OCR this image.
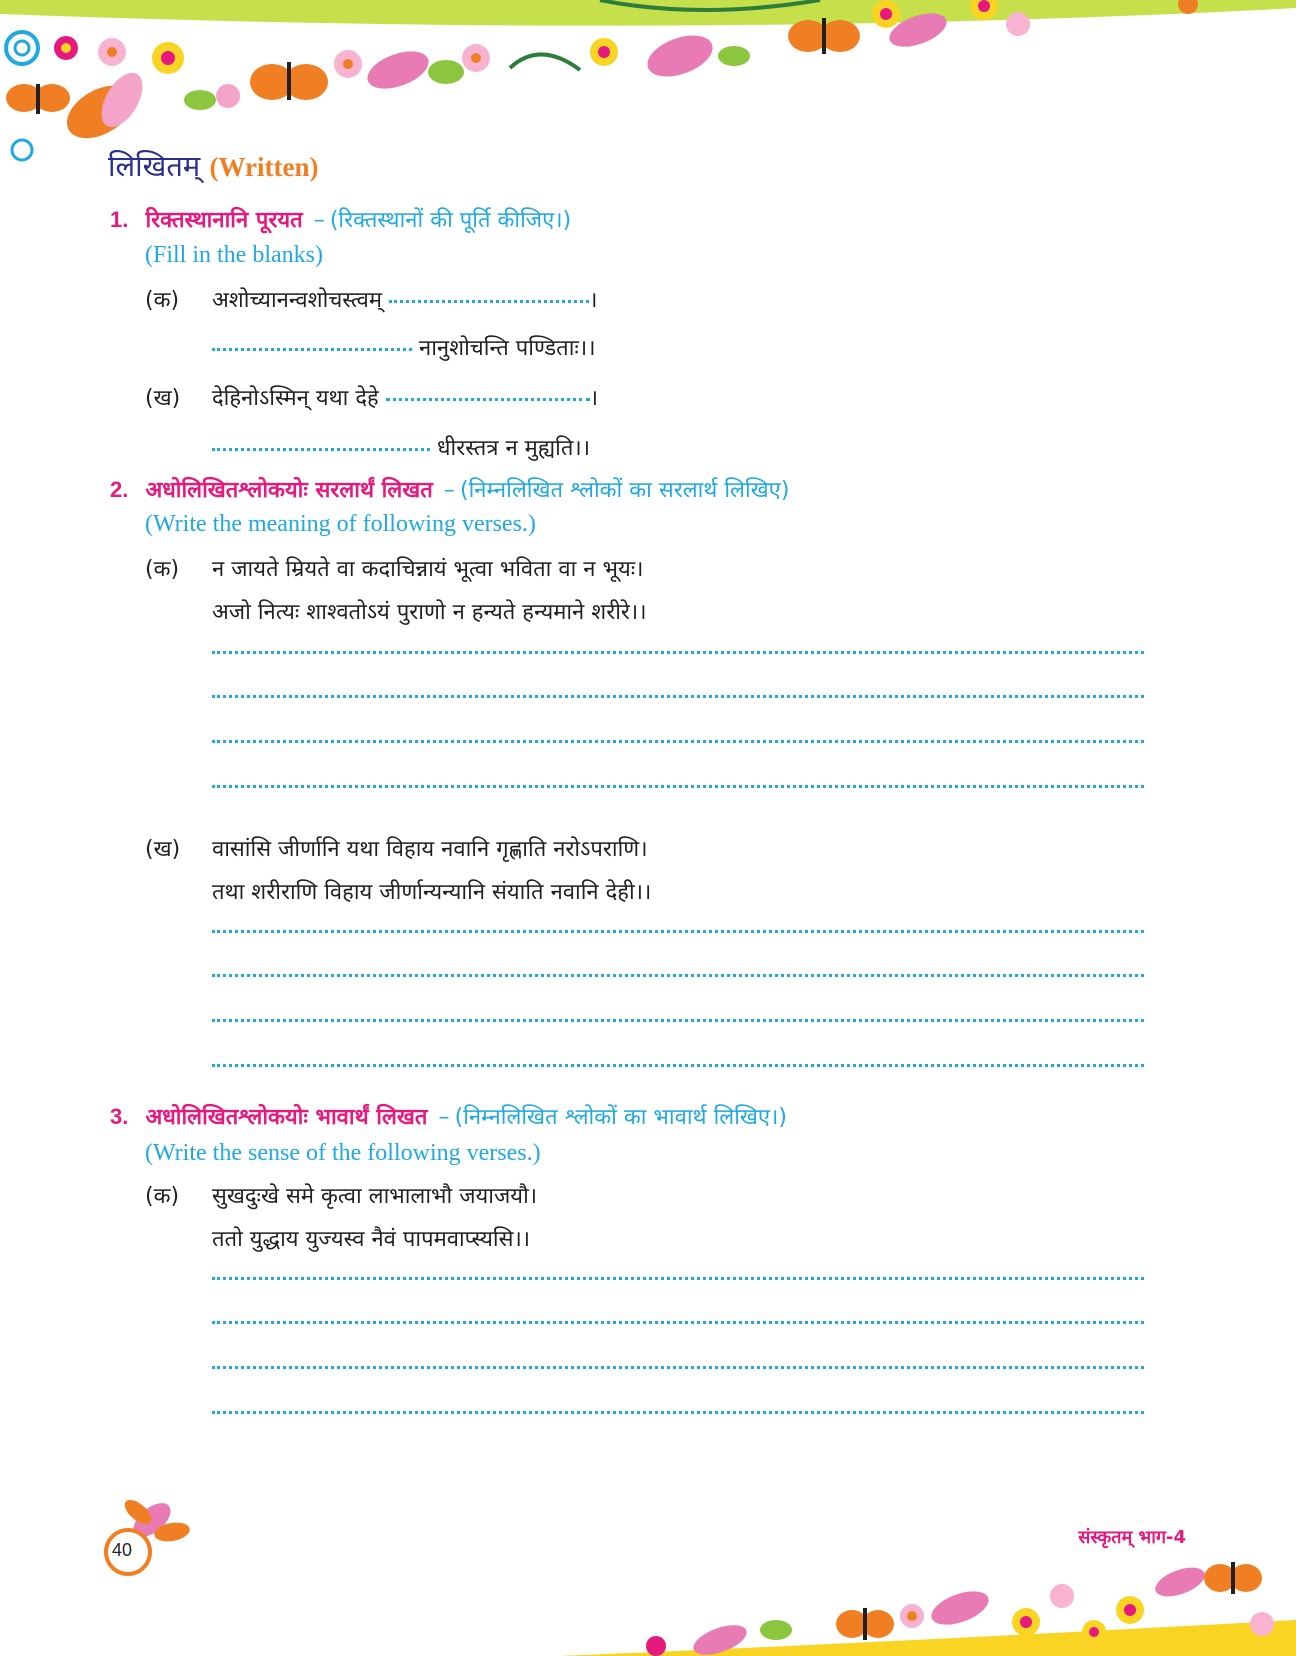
लिखितम् (Written)
1. रिक्तस्थानानि पूरयत – (रिक्तस्थानों की पूर्ति कीजिए।)
(Fill in the blanks)
(क) अशोच्यानन्वशोचस्त्वम्	।
नानुशोचन्ति पण्डिताः।।
(ख) देहिनोऽस्मिन् यथा देहे	।
धीरस्तत्र न मुह्यति।।
2. अधोलिखितश्लोकयोः सरलार्थं लिखत – (निम्नलिखित श्लोकों का सरलार्थ लिखिए)
(Write the meaning of following verses.)
(क) न जायते म्रियते वा कदाचिन्नायं भूत्वा भविता वा न भूयः।
अजो नित्यः शाश्वतोऽयं पुराणो न हन्यते हन्यमाने शरीरे।।
(ख) वासांसि जीर्णानि यथा विहाय नवानि गृह्णाति नरोऽपराणि।
तथा शरीराणि विहाय जीर्णान्यन्यानि संयाति नवानि देही।।
3. अधोलिखितश्लोकयोः भावार्थं लिखत – (निम्नलिखित श्लोकों का भावार्थ लिखिए।)
(Write the sense of the following verses.)
(क) सुखदुःखे समे कृत्वा लाभालाभौ जयाजयौ।
ततो युद्धाय युज्यस्व नैवं पापमवाप्स्यसि।।
40
संस्कृतम् भाग-4
